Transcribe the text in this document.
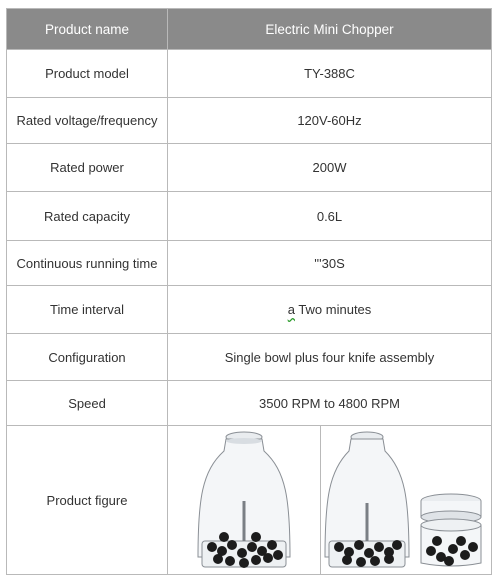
Product name	Electric Mini Chopper
Product model	TY-388C
Rated voltage/frequency	120V-60Hz
Rated power	200W
Rated capacity	0.6L
Continuous running time	'''30S
Time interval	a Two minutes
Configuration	Single bowl plus four knife assembly
Speed	3500 RPM to 4800 RPM
Product figure	
